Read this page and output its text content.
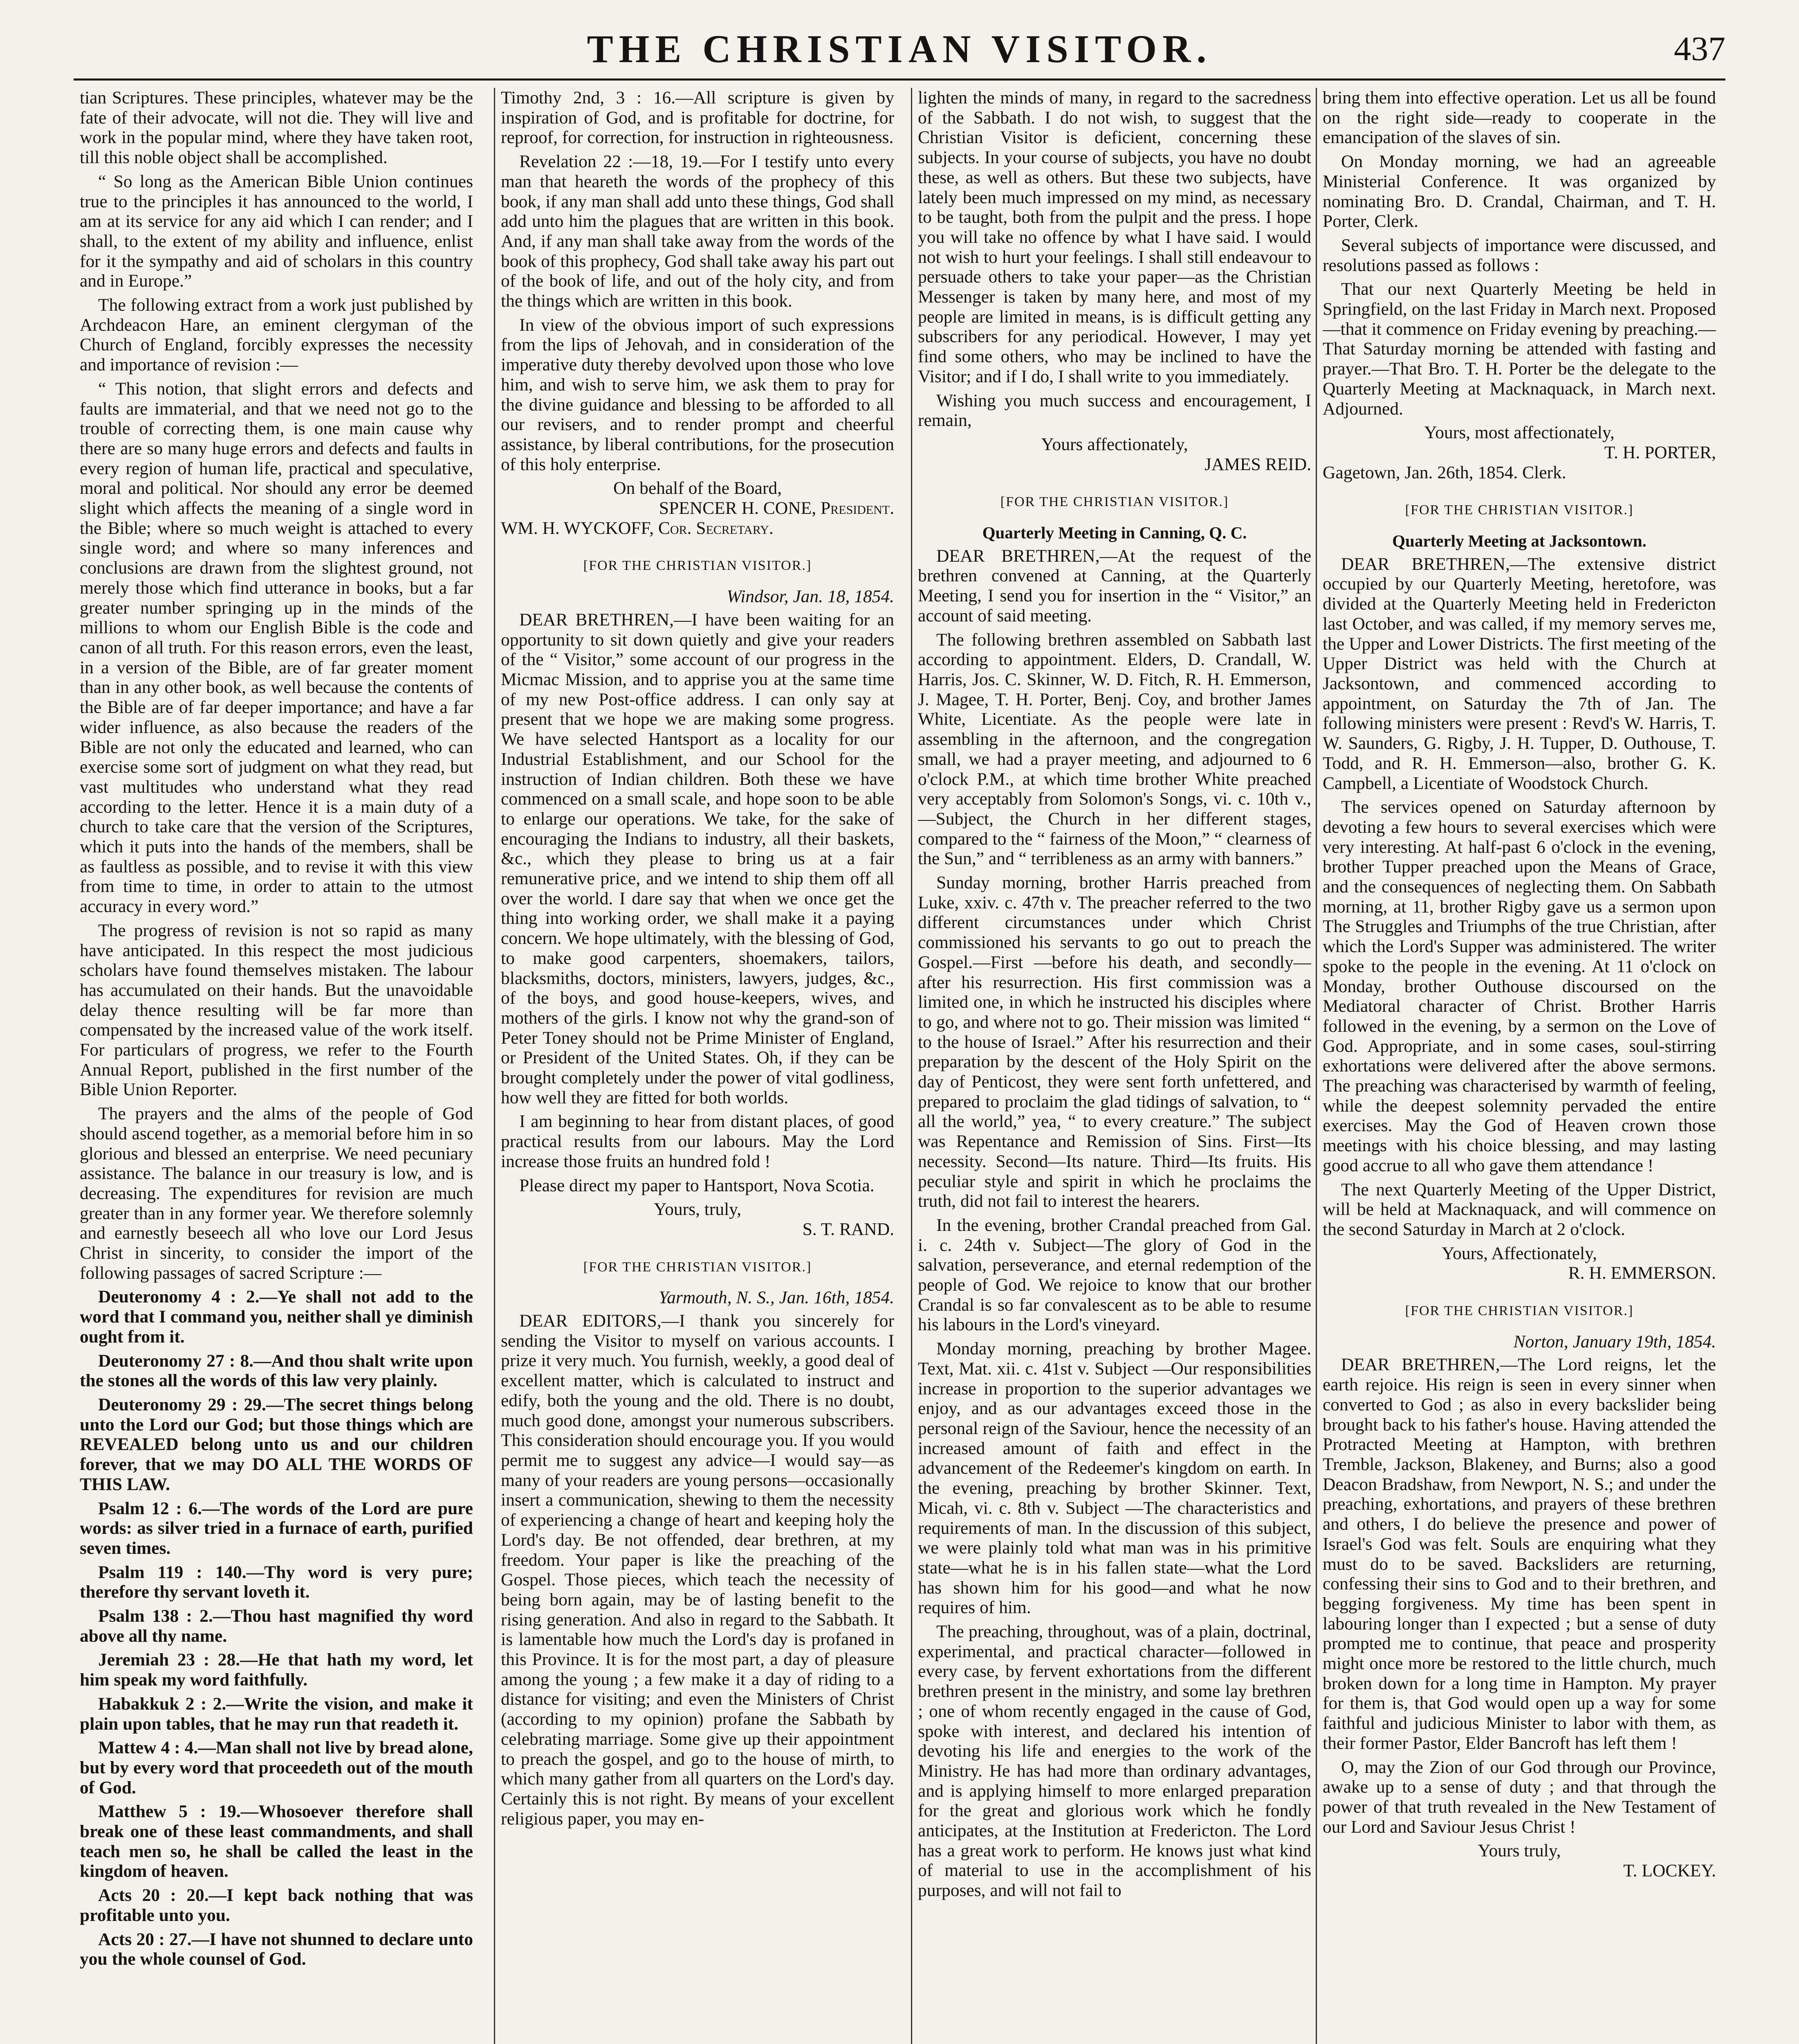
THE CHRISTIAN VISITOR.	437

tian Scriptures. These principles, whatever may be the fate of their advocate, will not die. They will live and work in the popular mind, where they have taken root, till this noble object shall be accomplished.

“ So long as the American Bible Union continues true to the principles it has announced to the world, I am at its service for any aid which I can render; and I shall, to the extent of my ability and influence, enlist for it the sympathy and aid of scholars in this country and in Europe.”

The following extract from a work just published by Archdeacon Hare, an eminent clergyman of the Church of England, forcibly expresses the necessity and importance of revision :—

“ This notion, that slight errors and defects and faults are immaterial, and that we need not go to the trouble of correcting them, is one main cause why there are so many huge errors and defects and faults in every region of human life, practical and speculative, moral and political. Nor should any error be deemed slight which affects the meaning of a single word in the Bible; where so much weight is attached to every single word; and where so many inferences and conclusions are drawn from the slightest ground, not merely those which find utterance in books, but a far greater number springing up in the minds of the millions to whom our English Bible is the code and canon of all truth. For this reason errors, even the least, in a version of the Bible, are of far greater moment than in any other book, as well because the contents of the Bible are of far deeper importance; and have a far wider influence, as also because the readers of the Bible are not only the educated and learned, who can exercise some sort of judgment on what they read, but vast multitudes who understand what they read according to the letter. Hence it is a main duty of a church to take care that the version of the Scriptures, which it puts into the hands of the members, shall be as faultless as possible, and to revise it with this view from time to time, in order to attain to the utmost accuracy in every word.”

The progress of revision is not so rapid as many have anticipated. In this respect the most judicious scholars have found themselves mistaken. The labour has accumulated on their hands. But the unavoidable delay thence resulting will be far more than compensated by the increased value of the work itself. For particulars of progress, we refer to the Fourth Annual Report, published in the first number of the Bible Union Reporter.

The prayers and the alms of the people of God should ascend together, as a memorial before him in so glorious and blessed an enterprise. We need pecuniary assistance. The balance in our treasury is low, and is decreasing. The expenditures for revision are much greater than in any former year. We therefore solemnly and earnestly beseech all who love our Lord Jesus Christ in sincerity, to consider the import of the following passages of sacred Scripture :—

Deuteronomy 4 : 2.—Ye shall not add to the word that I command you, neither shall ye diminish ought from it.

Deuteronomy 27 : 8.—And thou shalt write upon the stones all the words of this law very plainly.

Deuteronomy 29 : 29.—The secret things belong unto the Lord our God; but those things which are REVEALED belong unto us and our children forever, that we may DO ALL THE WORDS OF THIS LAW.

Psalm 12 : 6.—The words of the Lord are pure words: as silver tried in a furnace of earth, purified seven times.

Psalm 119 : 140.—Thy word is very pure; therefore thy servant loveth it.

Psalm 138 : 2.—Thou hast magnified thy word above all thy name.

Jeremiah 23 : 28.—He that hath my word, let him speak my word faithfully.

Habakkuk 2 : 2.—Write the vision, and make it plain upon tables, that he may run that readeth it.

Mattew 4 : 4.—Man shall not live by bread alone, but by every word that proceedeth out of the mouth of God.

Matthew 5 : 19.—Whosoever therefore shall break one of these least commandments, and shall teach men so, he shall be called the least in the kingdom of heaven.

Acts 20 : 20.—I kept back nothing that was profitable unto you.

Acts 20 : 27.—I have not shunned to declare unto you the whole counsel of God.

Timothy 2nd, 3 : 16.—All scripture is given by inspiration of God, and is profitable for doctrine, for reproof, for correction, for instruction in righteousness.

Revelation 22 :—18, 19.—For I testify unto every man that heareth the words of the prophecy of this book, if any man shall add unto these things, God shall add unto him the plagues that are written in this book. And, if any man shall take away from the words of the book of this prophecy, God shall take away his part out of the book of life, and out of the holy city, and from the things which are written in this book.

In view of the obvious import of such expressions from the lips of Jehovah, and in consideration of the imperative duty thereby devolved upon those who love him, and wish to serve him, we ask them to pray for the divine guidance and blessing to be afforded to all our revisers, and to render prompt and cheerful assistance, by liberal contributions, for the prosecution of this holy enterprise.

On behalf of the Board,

SPENCER H. CONE, President.

WM. H. WYCKOFF, Cor. Secretary.

[FOR THE CHRISTIAN VISITOR.]

Windsor, Jan. 18, 1854.

DEAR BRETHREN,—I have been waiting for an opportunity to sit down quietly and give your readers of the “ Visitor,” some account of our progress in the Micmac Mission, and to apprise you at the same time of my new Post-office address. I can only say at present that we hope we are making some progress. We have selected Hantsport as a locality for our Industrial Establishment, and our School for the instruction of Indian children. Both these we have commenced on a small scale, and hope soon to be able to enlarge our operations. We take, for the sake of encouraging the Indians to industry, all their baskets, &c., which they please to bring us at a fair remunerative price, and we intend to ship them off all over the world. I dare say that when we once get the thing into working order, we shall make it a paying concern. We hope ultimately, with the blessing of God, to make good carpenters, shoemakers, tailors, blacksmiths, doctors, ministers, lawyers, judges, &c., of the boys, and good house-keepers, wives, and mothers of the girls. I know not why the grand-son of Peter Toney should not be Prime Minister of England, or President of the United States. Oh, if they can be brought completely under the power of vital godliness, how well they are fitted for both worlds.

I am beginning to hear from distant places, of good practical results from our labours. May the Lord increase those fruits an hundred fold !

Please direct my paper to Hantsport, Nova Scotia.

Yours, truly,

S. T. RAND.

[FOR THE CHRISTIAN VISITOR.]

Yarmouth, N. S., Jan. 16th, 1854.

DEAR EDITORS,—I thank you sincerely for sending the Visitor to myself on various accounts. I prize it very much. You furnish, weekly, a good deal of excellent matter, which is calculated to instruct and edify, both the young and the old. There is no doubt, much good done, amongst your numerous subscribers. This consideration should encourage you. If you would permit me to suggest any advice—I would say—as many of your readers are young persons—occasionally insert a communication, shewing to them the necessity of experiencing a change of heart and keeping holy the Lord's day. Be not offended, dear brethren, at my freedom. Your paper is like the preaching of the Gospel. Those pieces, which teach the necessity of being born again, may be of lasting benefit to the rising generation. And also in regard to the Sabbath. It is lamentable how much the Lord's day is profaned in this Province. It is for the most part, a day of pleasure among the young ; a few make it a day of riding to a distance for visiting; and even the Ministers of Christ (according to my opinion) profane the Sabbath by celebrating marriage. Some give up their appointment to preach the gospel, and go to the house of mirth, to which many gather from all quarters on the Lord's day. Certainly this is not right. By means of your excellent religious paper, you may en-

lighten the minds of many, in regard to the sacredness of the Sabbath. I do not wish, to suggest that the Christian Visitor is deficient, concerning these subjects. In your course of subjects, you have no doubt these, as well as others. But these two subjects, have lately been much impressed on my mind, as necessary to be taught, both from the pulpit and the press. I hope you will take no offence by what I have said. I would not wish to hurt your feelings. I shall still endeavour to persuade others to take your paper—as the Christian Messenger is taken by many here, and most of my people are limited in means, is is difficult getting any subscribers for any periodical. However, I may yet find some others, who may be inclined to have the Visitor; and if I do, I shall write to you immediately.

Wishing you much success and encouragement, I remain,

Yours affectionately,

JAMES REID.

[FOR THE CHRISTIAN VISITOR.]

Quarterly Meeting in Canning, Q. C.

DEAR BRETHREN,—At the request of the brethren convened at Canning, at the Quarterly Meeting, I send you for insertion in the “ Visitor,” an account of said meeting.

The following brethren assembled on Sabbath last according to appointment. Elders, D. Crandall, W. Harris, Jos. C. Skinner, W. D. Fitch, R. H. Emmerson, J. Magee, T. H. Porter, Benj. Coy, and brother James White, Licentiate. As the people were late in assembling in the afternoon, and the congregation small, we had a prayer meeting, and adjourned to 6 o'clock P.M., at which time brother White preached very acceptably from Solomon's Songs, vi. c. 10th v.,—Subject, the Church in her different stages, compared to the “ fairness of the Moon,” “ clearness of the Sun,” and “ terribleness as an army with banners.”

Sunday morning, brother Harris preached from Luke, xxiv. c. 47th v. The preacher referred to the two different circumstances under which Christ commissioned his servants to go out to preach the Gospel.—First —before his death, and secondly—after his resurrection. His first commission was a limited one, in which he instructed his disciples where to go, and where not to go. Their mission was limited “ to the house of Israel.” After his resurrection and their preparation by the descent of the Holy Spirit on the day of Penticost, they were sent forth unfettered, and prepared to proclaim the glad tidings of salvation, to “ all the world,” yea, “ to every creature.” The subject was Repentance and Remission of Sins. First—Its necessity. Second—Its nature. Third—Its fruits. His peculiar style and spirit in which he proclaims the truth, did not fail to interest the hearers.

In the evening, brother Crandal preached from Gal. i. c. 24th v. Subject—The glory of God in the salvation, perseverance, and eternal redemption of the people of God. We rejoice to know that our brother Crandal is so far convalescent as to be able to resume his labours in the Lord's vineyard.

Monday morning, preaching by brother Magee. Text, Mat. xii. c. 41st v. Subject —Our responsibilities increase in proportion to the superior advantages we enjoy, and as our advantages exceed those in the personal reign of the Saviour, hence the necessity of an increased amount of faith and effect in the advancement of the Redeemer's kingdom on earth. In the evening, preaching by brother Skinner. Text, Micah, vi. c. 8th v. Subject —The characteristics and requirements of man. In the discussion of this subject, we were plainly told what man was in his primitive state—what he is in his fallen state—what the Lord has shown him for his good—and what he now requires of him.

The preaching, throughout, was of a plain, doctrinal, experimental, and practical character—followed in every case, by fervent exhortations from the different brethren present in the ministry, and some lay brethren ; one of whom recently engaged in the cause of God, spoke with interest, and declared his intention of devoting his life and energies to the work of the Ministry. He has had more than ordinary advantages, and is applying himself to more enlarged preparation for the great and glorious work which he fondly anticipates, at the Institution at Fredericton. The Lord has a great work to perform. He knows just what kind of material to use in the accomplishment of his purposes, and will not fail to

bring them into effective operation. Let us all be found on the right side—ready to cooperate in the emancipation of the slaves of sin.

On Monday morning, we had an agreeable Ministerial Conference. It was organized by nominating Bro. D. Crandal, Chairman, and T. H. Porter, Clerk.

Several subjects of importance were discussed, and resolutions passed as follows :

That our next Quarterly Meeting be held in Springfield, on the last Friday in March next. Proposed—that it commence on Friday evening by preaching.—That Saturday morning be attended with fasting and prayer.—That Bro. T. H. Porter be the delegate to the Quarterly Meeting at Macknaquack, in March next. Adjourned.

Yours, most affectionately,

T. H. PORTER,

Gagetown, Jan. 26th, 1854. Clerk.

[FOR THE CHRISTIAN VISITOR.]

Quarterly Meeting at Jacksontown.

DEAR BRETHREN,—The extensive district occupied by our Quarterly Meeting, heretofore, was divided at the Quarterly Meeting held in Fredericton last October, and was called, if my memory serves me, the Upper and Lower Districts. The first meeting of the Upper District was held with the Church at Jacksontown, and commenced according to appointment, on Saturday the 7th of Jan. The following ministers were present : Revd's W. Harris, T. W. Saunders, G. Rigby, J. H. Tupper, D. Outhouse, T. Todd, and R. H. Emmerson—also, brother G. K. Campbell, a Licentiate of Woodstock Church.

The services opened on Saturday afternoon by devoting a few hours to several exercises which were very interesting. At half-past 6 o'clock in the evening, brother Tupper preached upon the Means of Grace, and the consequences of neglecting them. On Sabbath morning, at 11, brother Rigby gave us a sermon upon The Struggles and Triumphs of the true Christian, after which the Lord's Supper was administered. The writer spoke to the people in the evening. At 11 o'clock on Monday, brother Outhouse discoursed on the Mediatoral character of Christ. Brother Harris followed in the evening, by a sermon on the Love of God. Appropriate, and in some cases, soul-stirring exhortations were delivered after the above sermons. The preaching was characterised by warmth of feeling, while the deepest solemnity pervaded the entire exercises. May the God of Heaven crown those meetings with his choice blessing, and may lasting good accrue to all who gave them attendance !

The next Quarterly Meeting of the Upper District, will be held at Macknaquack, and will commence on the second Saturday in March at 2 o'clock.

Yours, Affectionately,

R. H. EMMERSON.

[FOR THE CHRISTIAN VISITOR.]

Norton, January 19th, 1854.

DEAR BRETHREN,—The Lord reigns, let the earth rejoice. His reign is seen in every sinner when converted to God ; as also in every backslider being brought back to his father's house. Having attended the Protracted Meeting at Hampton, with brethren Tremble, Jackson, Blakeney, and Burns; also a good Deacon Bradshaw, from Newport, N. S.; and under the preaching, exhortations, and prayers of these brethren and others, I do believe the presence and power of Israel's God was felt. Souls are enquiring what they must do to be saved. Backsliders are returning, confessing their sins to God and to their brethren, and begging forgiveness. My time has been spent in labouring longer than I expected ; but a sense of duty prompted me to continue, that peace and prosperity might once more be restored to the little church, much broken down for a long time in Hampton. My prayer for them is, that God would open up a way for some faithful and judicious Minister to labor with them, as their former Pastor, Elder Bancroft has left them !

O, may the Zion of our God through our Province, awake up to a sense of duty ; and that through the power of that truth revealed in the New Testament of our Lord and Saviour Jesus Christ !

Yours truly,

T. LOCKEY.
